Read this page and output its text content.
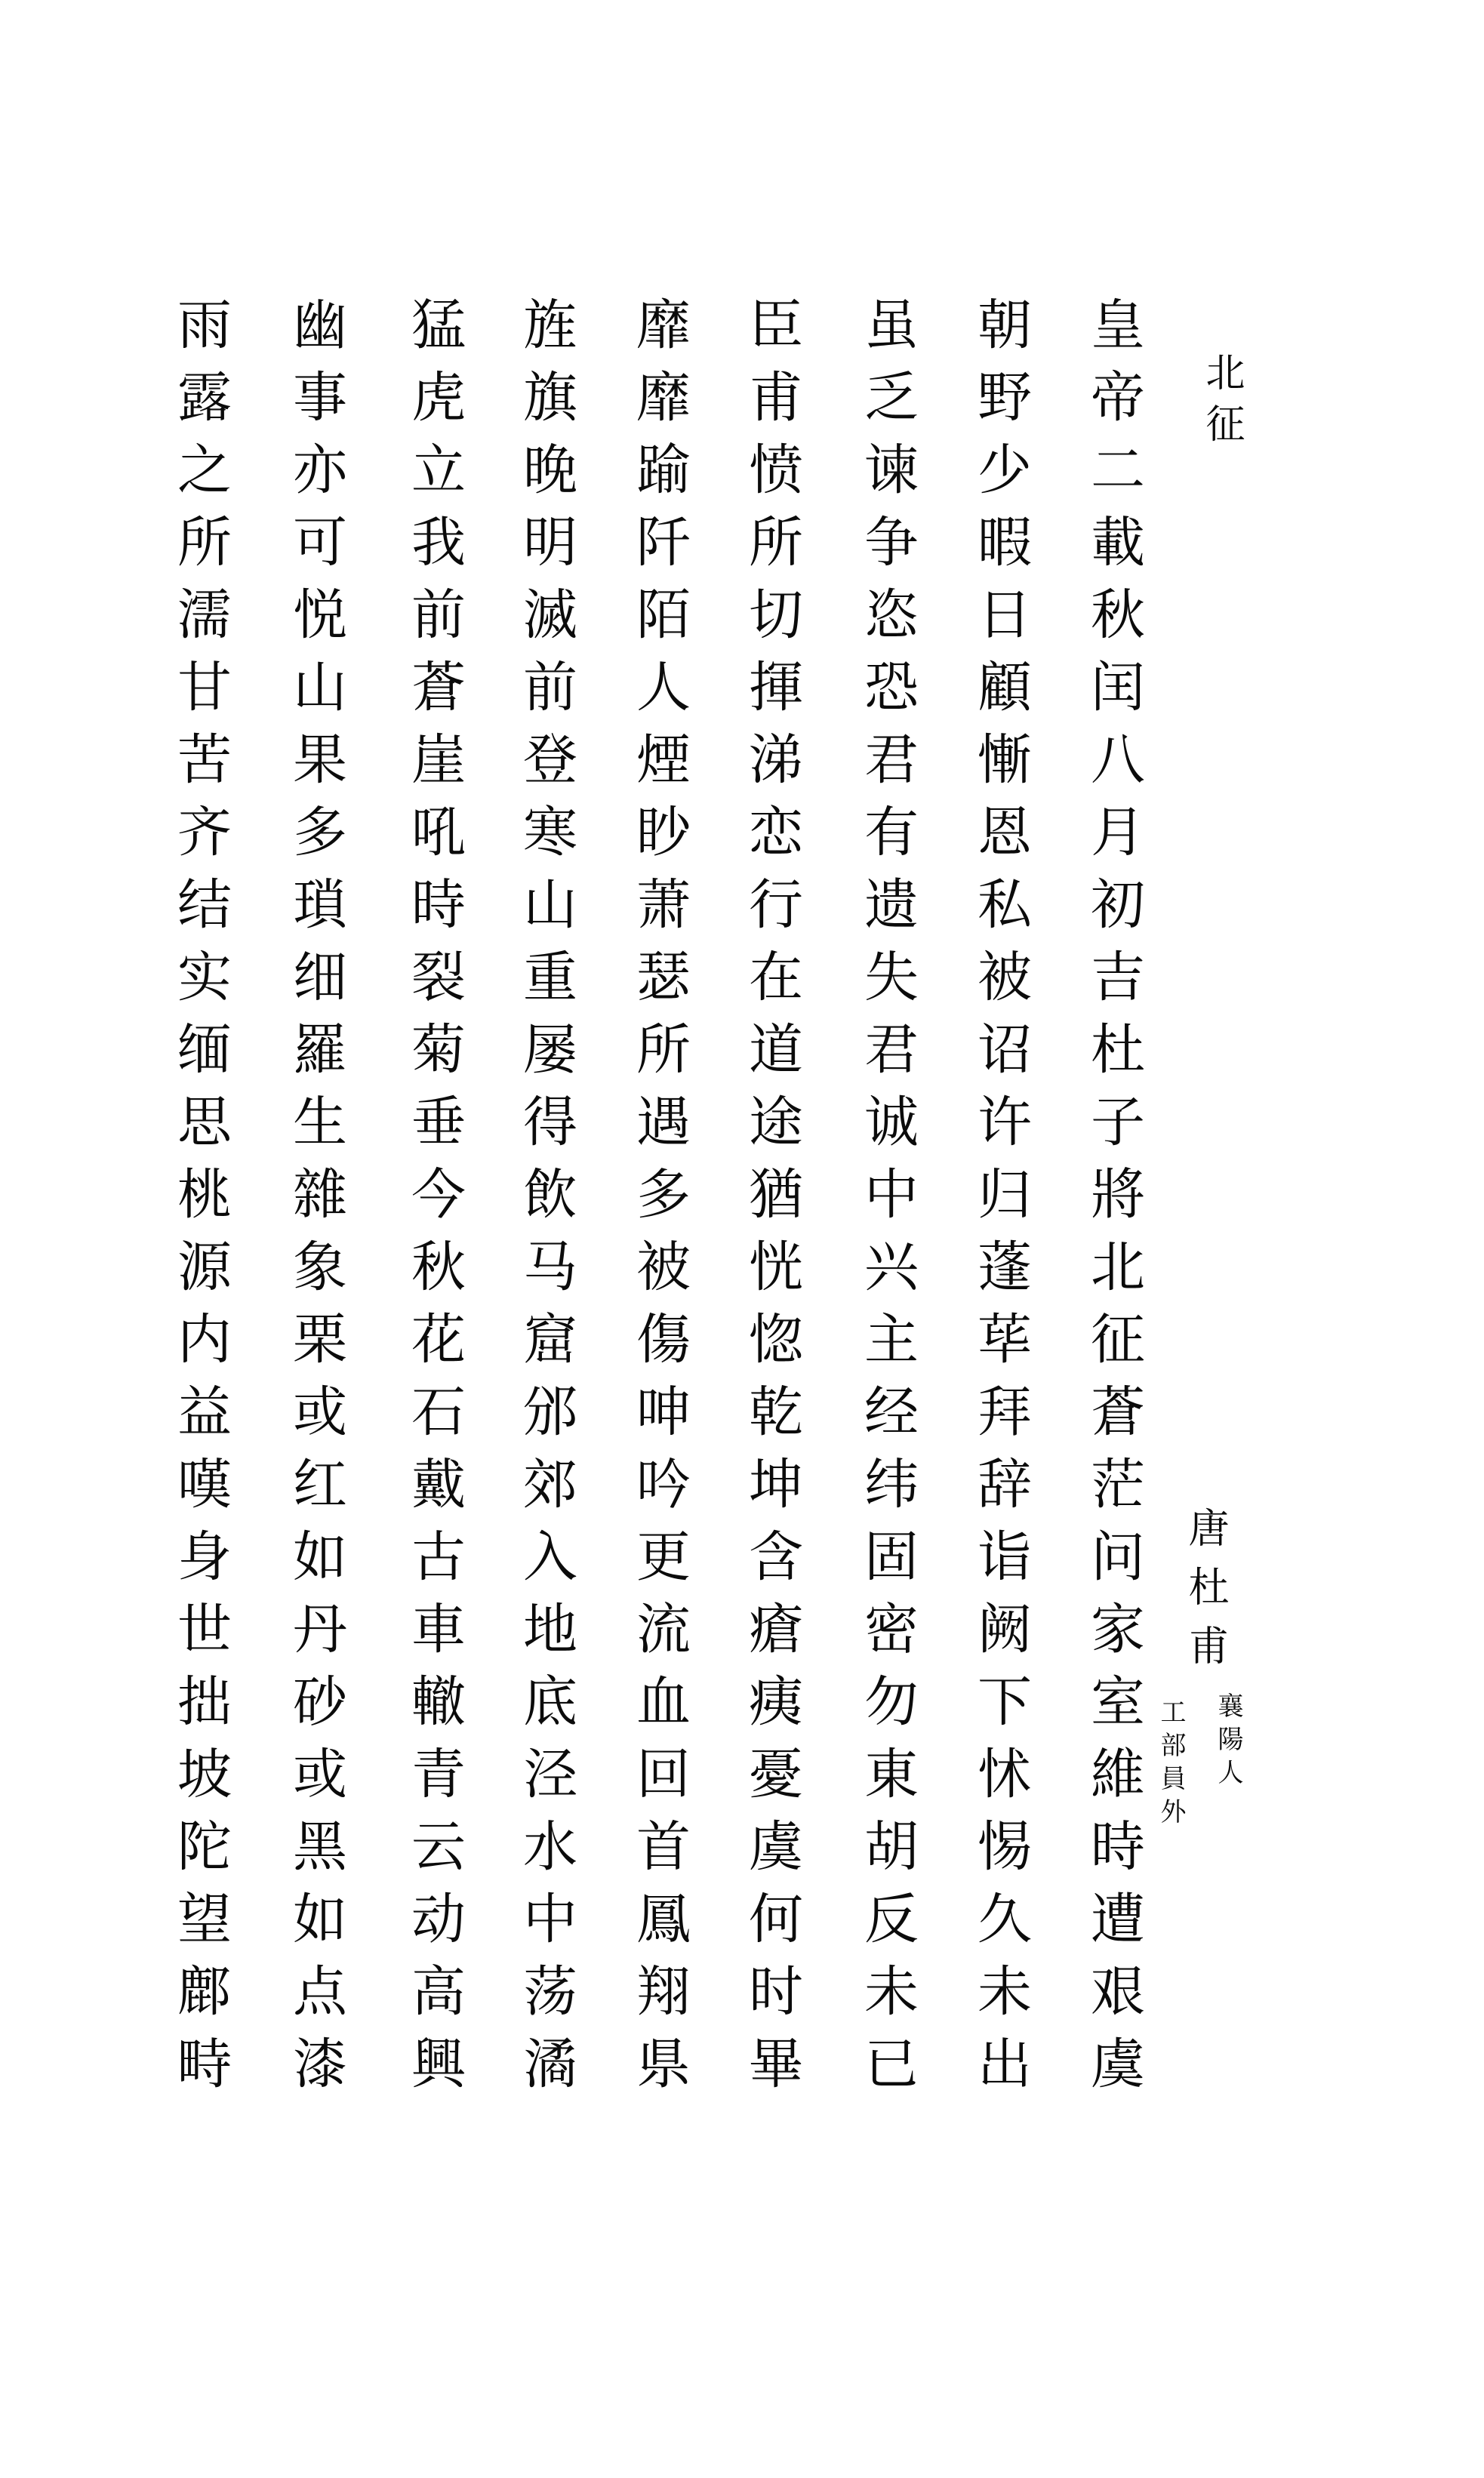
北征
唐杜甫
襄陽人
工部員外
皇帝二載秋闰八月初吉杜子將北征蒼茫问家室維時遭艰虞
朝野少暇日顧慚恩私被诏许归蓬荜拜辞诣阙下怵惕久未出
虽乏谏争恣恐君有遗失君诚中兴主经纬固密勿東胡反未已
臣甫愤所切揮涕恋行在道途猶恍惚乾坤含瘡痍憂虞何时畢
靡靡踰阡陌人煙眇萧瑟所遇多被傷呻吟更流血回首鳳翔県
旌旗晚明滅前登寒山重屡得飲马窟邠郊入地底泾水中荡潏
猛虎立我前蒼崖吼時裂菊垂今秋花石戴古車轍青云动高興
幽事亦可悦山果多瑣细羅生雜象栗或红如丹砂或黑如点漆
雨露之所濡甘苦齐结实缅思桃源内益嘆身世拙坡陀望鄜畤
